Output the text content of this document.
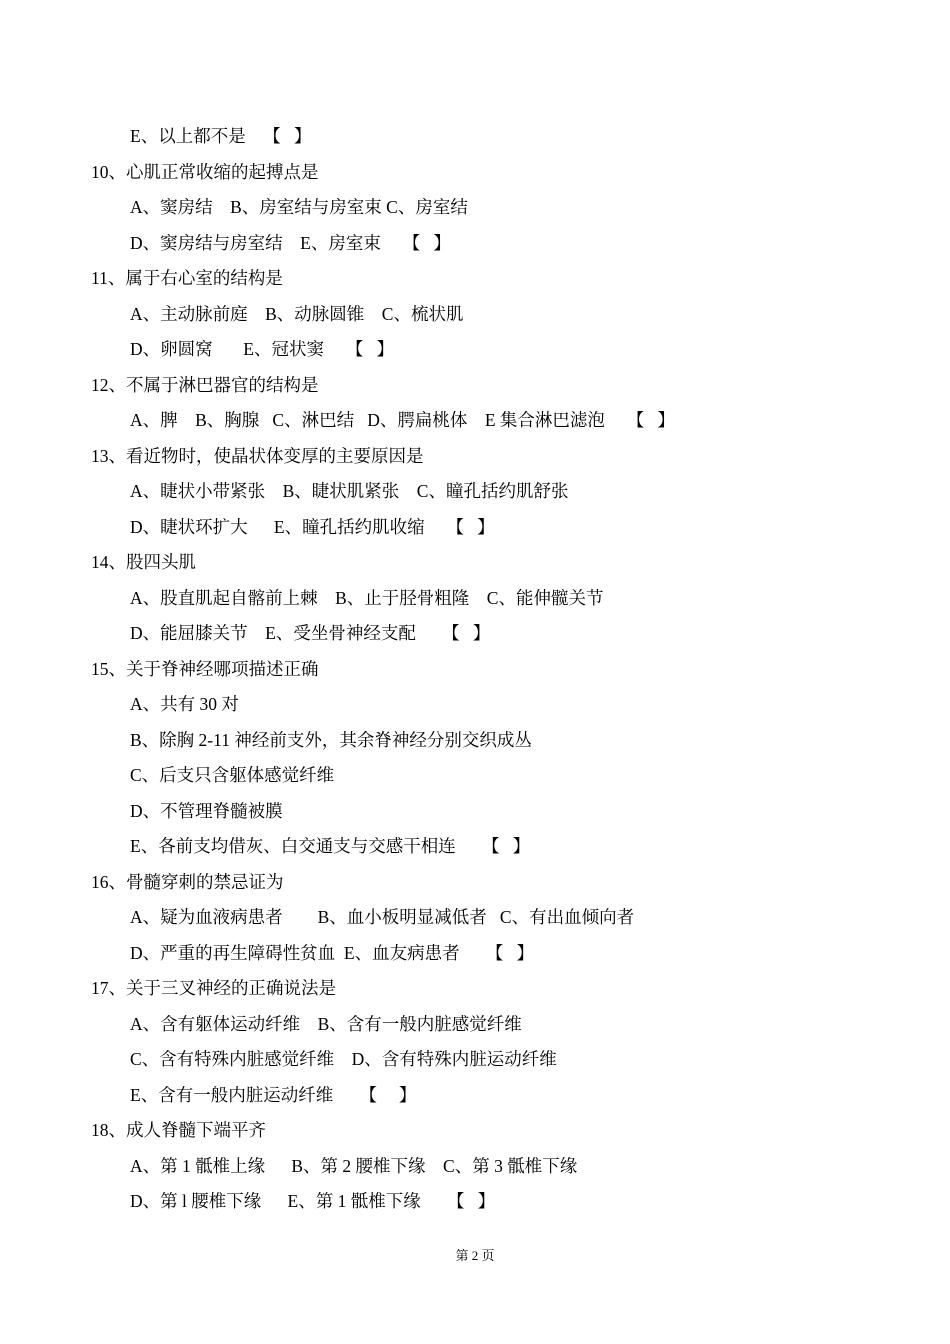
E、以上都不是    【   】
10、心肌正常收缩的起搏点是
A、窦房结    B、房室结与房室束 C、房室结
D、窦房结与房室结    E、房室束     【   】
11、属于右心室的结构是
A、主动脉前庭    B、动脉圆锥    C、梳状肌
D、卵圆窝       E、冠状窦     【   】
12、不属于淋巴器官的结构是
A、脾    B、胸腺   C、淋巴结   D、腭扁桃体    E 集合淋巴滤泡     【   】
13、看近物时，使晶状体变厚的主要原因是
A、睫状小带紧张    B、睫状肌紧张    C、瞳孔括约肌舒张
D、睫状环扩大      E、瞳孔括约肌收缩     【   】
14、股四头肌
A、股直肌起自髂前上棘    B、止于胫骨粗隆    C、能伸髋关节
D、能屈膝关节    E、受坐骨神经支配      【   】
15、关于脊神经哪项描述正确
A、共有 30 对
B、除胸 2-11 神经前支外，其余脊神经分别交织成丛
C、后支只含躯体感觉纤维
D、不管理脊髓被膜
E、各前支均借灰、白交通支与交感干相连      【   】
16、骨髓穿刺的禁忌证为
A、疑为血液病患者        B、血小板明显减低者   C、有出血倾向者
D、严重的再生障碍性贫血  E、血友病患者      【   】
17、关于三叉神经的正确说法是
A、含有躯体运动纤维    B、含有一般内脏感觉纤维
C、含有特殊内脏感觉纤维    D、含有特殊内脏运动纤维
E、含有一般内脏运动纤维      【     】
18、成人脊髓下端平齐
A、第 1 骶椎上缘      B、第 2 腰椎下缘    C、第 3 骶椎下缘
D、第 l 腰椎下缘      E、第 1 骶椎下缘      【   】
第 2 页
